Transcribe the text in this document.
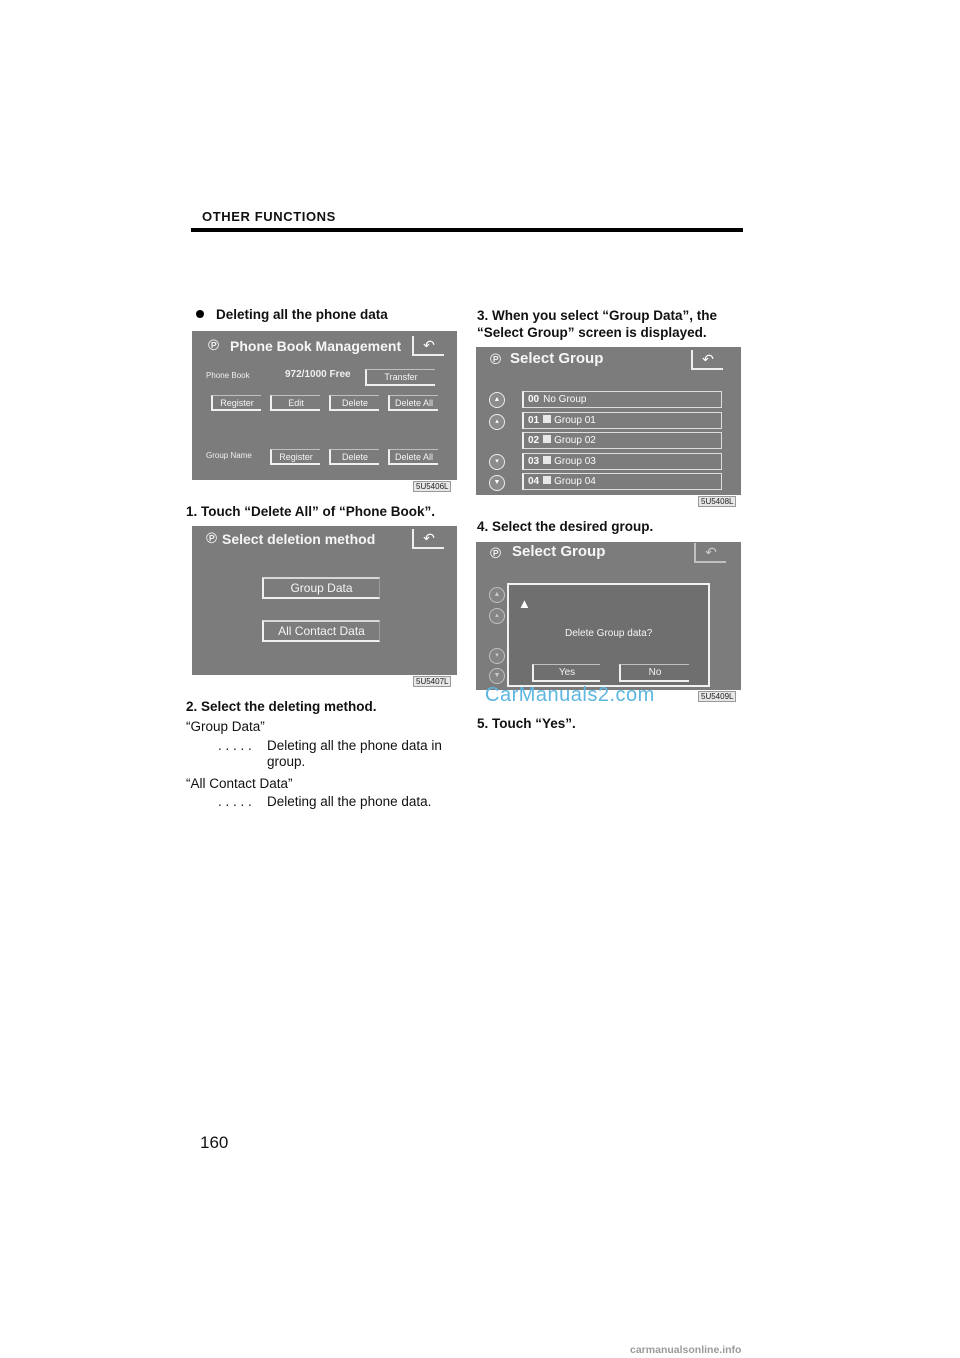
OTHER FUNCTIONS
Deleting all the phone data
℗ Phone Book Management	↶
Phone Book	972/1000 Free	Transfer
Register	Edit	Delete	Delete All
Group Name	Register	Delete	Delete All
5U5406L
1. Touch “Delete All” of “Phone Book”.
℗ Select deletion method	↶
Group Data
All Contact Data
5U5407L
2. Select the deleting method.
“Group Data”
. . . . . Deleting all the phone data in
group.
“All Contact Data”
. . . . . Deleting all the phone data.
3. When you select “Group Data”, the
“Select Group” screen is displayed.
℗ Select Group	↶
▲
▴
▾
▼
00 No Group
01 Group 01
02 Group 02
03 Group 03
04 Group 04
5U5408L
4. Select the desired group.
℗ Select Group	↶
▲
▴
▾
▼
▲
Delete Group data?
Yes	No
5U5409L
CarManuals2.com
5. Touch “Yes”.
160
carmanualsonline.info
